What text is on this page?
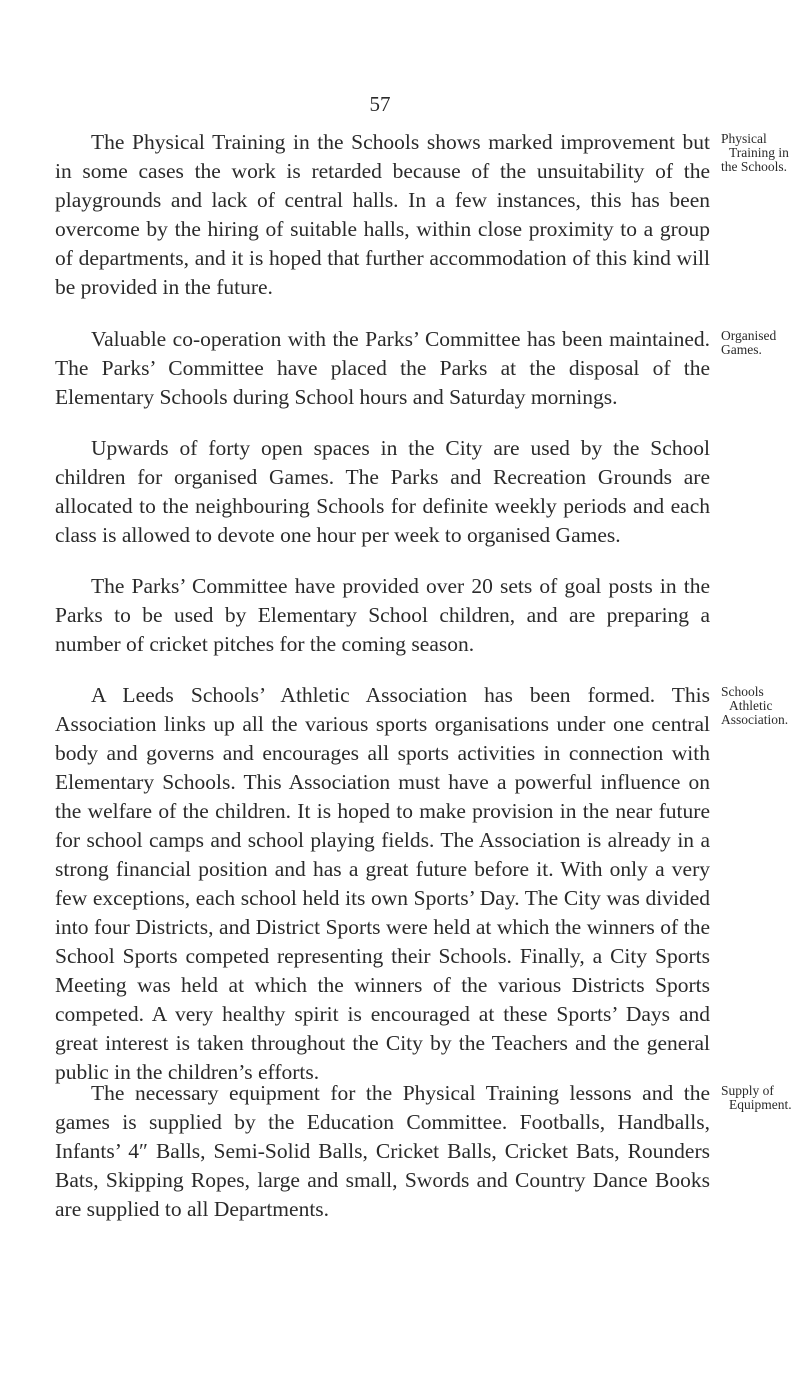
57

The Physical Training in the Schools shows marked improvement but in some cases the work is retarded because of the unsuitability of the playgrounds and lack of central halls. In a few instances, this has been overcome by the hiring of suitable halls, within close proximity to a group of departments, and it is hoped that further accommodation of this kind will be provided in the future.

Physical
Training in
the Schools.

Valuable co-operation with the Parks’ Committee has been maintained. The Parks’ Committee have placed the Parks at the disposal of the Elementary Schools during School hours and Saturday mornings.

Organised
Games.

Upwards of forty open spaces in the City are used by the School children for organised Games. The Parks and Recreation Grounds are allocated to the neighbouring Schools for definite weekly periods and each class is allowed to devote one hour per week to organised Games.

The Parks’ Committee have provided over 20 sets of goal posts in the Parks to be used by Elementary School children, and are preparing a number of cricket pitches for the coming season.

A Leeds Schools’ Athletic Association has been formed. This Association links up all the various sports organisations under one central body and governs and encourages all sports activities in connection with Elementary Schools. This Association must have a powerful influence on the welfare of the children. It is hoped to make provision in the near future for school camps and school playing fields. The Association is already in a strong financial position and has a great future before it. With only a very few exceptions, each school held its own Sports’ Day. The City was divided into four Districts, and District Sports were held at which the winners of the School Sports competed representing their Schools. Finally, a City Sports Meeting was held at which the winners of the various Districts Sports competed. A very healthy spirit is encouraged at these Sports’ Days and great interest is taken throughout the City by the Teachers and the general public in the children’s efforts.

Schools
Athletic
Association.

The necessary equipment for the Physical Training lessons and the games is supplied by the Education Committee. Footballs, Handballs, Infants’ 4″ Balls, Semi-Solid Balls, Cricket Balls, Cricket Bats, Rounders Bats, Skipping Ropes, large and small, Swords and Country Dance Books are supplied to all Departments.

Supply of
Equipment.
